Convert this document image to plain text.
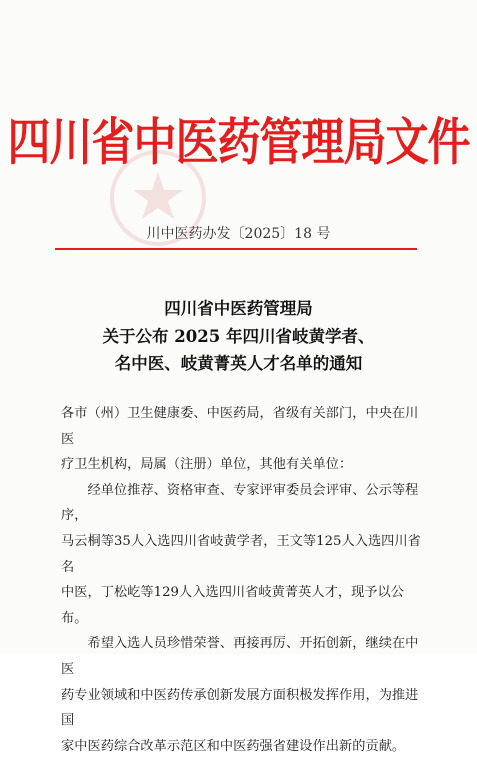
四川省中医药管理局文件
川中医药办发〔2025〕18 号
四川省中医药管理局
关于公布 2025 年四川省岐黄学者、
名中医、岐黄菁英人才名单的通知

各市（州）卫生健康委、中医药局，省级有关部门，中央在川医
疗卫生机构，局属（注册）单位，其他有关单位：

　　经单位推荐、资格审查、专家评审委员会评审、公示等程序，
马云桐等35人入选四川省岐黄学者，王文等125人入选四川省名
中医，丁松屹等129人入选四川省岐黄菁英人才，现予以公布。

　　希望入选人员珍惜荣誉、再接再厉、开拓创新，继续在中医
药专业领域和中医药传承创新发展方面积极发挥作用，为推进国
家中医药综合改革示范区和中医药强省建设作出新的贡献。
